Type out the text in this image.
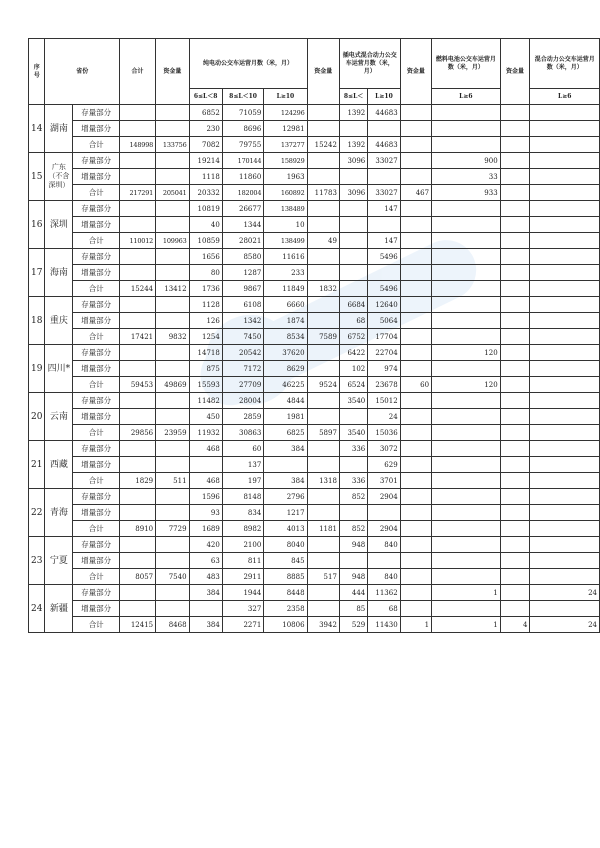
序号	省份		合计	资金量	纯电动公交车运营月数（米，月）			资金量	插电式混合动力公交车运营月数（米，月）		资金量	燃料电池公交车运营月数（米，月）	资金量	混合动力公交车运营月数（米，月）
					6≤L＜8	8≤L＜10	L≥10		8≤L＜	L≥10		L≥6		L≥6
14	湖南	存量部分			6852	71059	124296		1392	44683				
		增量部分			230	8696	12981							
		合计	148998	133756	7082	79755	137277	15242	1392	44683				
15	广东（不含深圳）	存量部分			19214	170144	158929		3096	33027		900		
		增量部分			1118	11860	1963					33		
		合计	217291	205041	20332	182004	160892	11783	3096	33027	467	933		
16	深圳	存量部分			10819	26677	138489			147				
		增量部分			40	1344	10							
		合计	110012	109963	10859	28021	138499	49		147				
17	海南	存量部分			1656	8580	11616			5496				
		增量部分			80	1287	233							
		合计	15244	13412	1736	9867	11849	1832		5496				
18	重庆	存量部分			1128	6108	6660		6684	12640				
		增量部分			126	1342	1874		68	5064				
		合计	17421	9832	1254	7450	8534	7589	6752	17704				
19	四川*	存量部分			14718	20542	37620		6422	22704		120		
		增量部分			875	7172	8629		102	974				
		合计	59453	49869	15593	27709	46225	9524	6524	23678	60	120		
20	云南	存量部分			11482	28004	4844		3540	15012				
		增量部分			450	2859	1981			24				
		合计	29856	23959	11932	30863	6825	5897	3540	15036				
21	西藏	存量部分			468	60	384		336	3072				
		增量部分				137				629				
		合计	1829	511	468	197	384	1318	336	3701				
22	青海	存量部分			1596	8148	2796		852	2904				
		增量部分			93	834	1217							
		合计	8910	7729	1689	8982	4013	1181	852	2904				
23	宁夏	存量部分			420	2100	8040		948	840				
		增量部分			63	811	845							
		合计	8057	7540	483	2911	8885	517	948	840				
24	新疆	存量部分			384	1944	8448		444	11362		1		24
		增量部分				327	2358		85	68				
		合计	12415	8468	384	2271	10806	3942	529	11430	1	1	4	24
